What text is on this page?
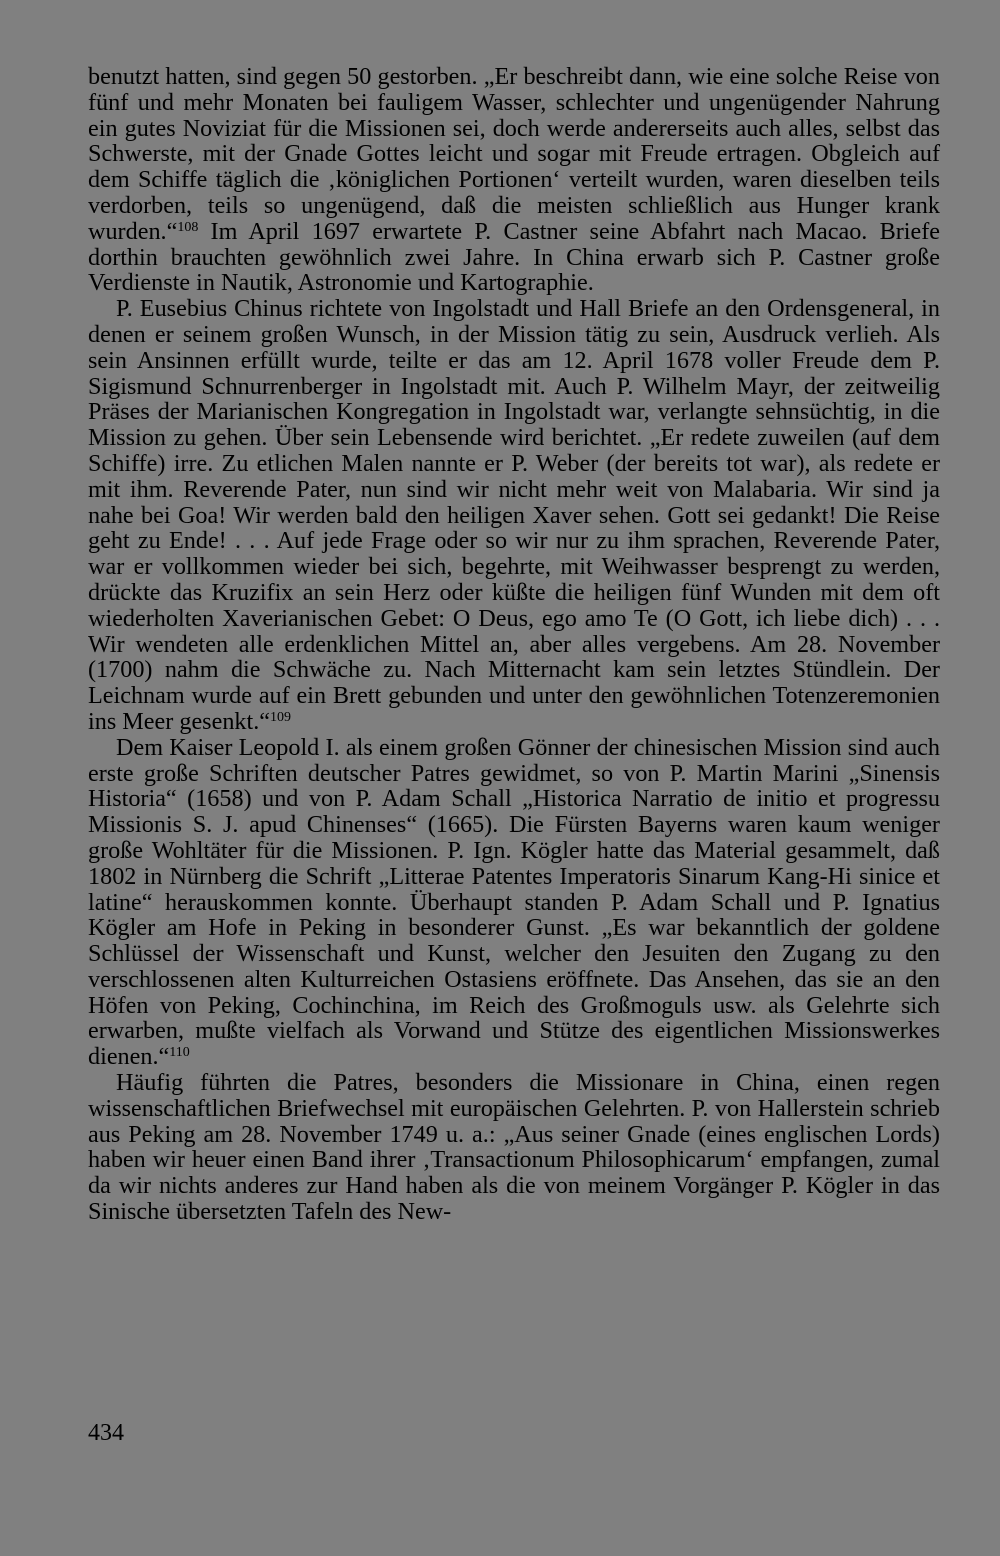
benutzt hatten, sind gegen 50 gestorben. „Er beschreibt dann, wie eine solche Reise von fünf und mehr Monaten bei fauligem Wasser, schlechter und ungenügender Nahrung ein gutes Noviziat für die Missionen sei, doch werde andererseits auch alles, selbst das Schwerste, mit der Gnade Gottes leicht und sogar mit Freude ertragen. Obgleich auf dem Schiffe täglich die ‚königlichen Portionen‘ verteilt wurden, waren dieselben teils verdorben, teils so ungenügend, daß die meisten schließlich aus Hunger krank wurden.“$^{108}$ Im April 1697 erwartete P. Castner seine Abfahrt nach Macao. Briefe dorthin brauchten gewöhnlich zwei Jahre. In China erwarb sich P. Castner große Verdienste in Nautik, Astronomie und Kartographie.

P. Eusebius Chinus richtete von Ingolstadt und Hall Briefe an den Ordensgeneral, in denen er seinem großen Wunsch, in der Mission tätig zu sein, Ausdruck verlieh. Als sein Ansinnen erfüllt wurde, teilte er das am 12. April 1678 voller Freude dem P. Sigismund Schnurrenberger in Ingolstadt mit. Auch P. Wilhelm Mayr, der zeitweilig Präses der Marianischen Kongregation in Ingolstadt war, verlangte sehnsüchtig, in die Mission zu gehen. Über sein Lebensende wird berichtet. „Er redete zuweilen (auf dem Schiffe) irre. Zu etlichen Malen nannte er P. Weber (der bereits tot war), als redete er mit ihm. Reverende Pater, nun sind wir nicht mehr weit von Malabaria. Wir sind ja nahe bei Goa! Wir werden bald den heiligen Xaver sehen. Gott sei gedankt! Die Reise geht zu Ende! . . . Auf jede Frage oder so wir nur zu ihm sprachen, Reverende Pater, war er vollkommen wieder bei sich, begehrte, mit Weihwasser besprengt zu werden, drückte das Kruzifix an sein Herz oder küßte die heiligen fünf Wunden mit dem oft wiederholten Xaverianischen Gebet: O Deus, ego amo Te (O Gott, ich liebe dich) . . . Wir wendeten alle erdenklichen Mittel an, aber alles vergebens. Am 28. November (1700) nahm die Schwäche zu. Nach Mitternacht kam sein letztes Stündlein. Der Leichnam wurde auf ein Brett gebunden und unter den gewöhnlichen Totenzeremonien ins Meer gesenkt.“$^{109}$

Dem Kaiser Leopold I. als einem großen Gönner der chinesischen Mission sind auch erste große Schriften deutscher Patres gewidmet, so von P. Martin Marini „Sinensis Historia“ (1658) und von P. Adam Schall „Historica Narratio de initio et progressu Missionis S. J. apud Chinenses“ (1665). Die Fürsten Bayerns waren kaum weniger große Wohltäter für die Missionen. P. Ign. Kögler hatte das Material gesammelt, daß 1802 in Nürnberg die Schrift „Litterae Patentes Imperatoris Sinarum Kang-Hi sinice et latine“ herauskommen konnte. Überhaupt standen P. Adam Schall und P. Ignatius Kögler am Hofe in Peking in besonderer Gunst. „Es war bekanntlich der goldene Schlüssel der Wissenschaft und Kunst, welcher den Jesuiten den Zugang zu den verschlossenen alten Kulturreichen Ostasiens eröffnete. Das Ansehen, das sie an den Höfen von Peking, Cochinchina, im Reich des Großmoguls usw. als Gelehrte sich erwarben, mußte vielfach als Vorwand und Stütze des eigentlichen Missionswerkes dienen.“$^{110}$

Häufig führten die Patres, besonders die Missionare in China, einen regen wissenschaftlichen Briefwechsel mit europäischen Gelehrten. P. von Hallerstein schrieb aus Peking am 28. November 1749 u. a.: „Aus seiner Gnade (eines englischen Lords) haben wir heuer einen Band ihrer ‚Transactionum Philosophicarum‘ empfangen, zumal da wir nichts anderes zur Hand haben als die von meinem Vorgänger P. Kögler in das Sinische übersetzten Tafeln des New-

434
